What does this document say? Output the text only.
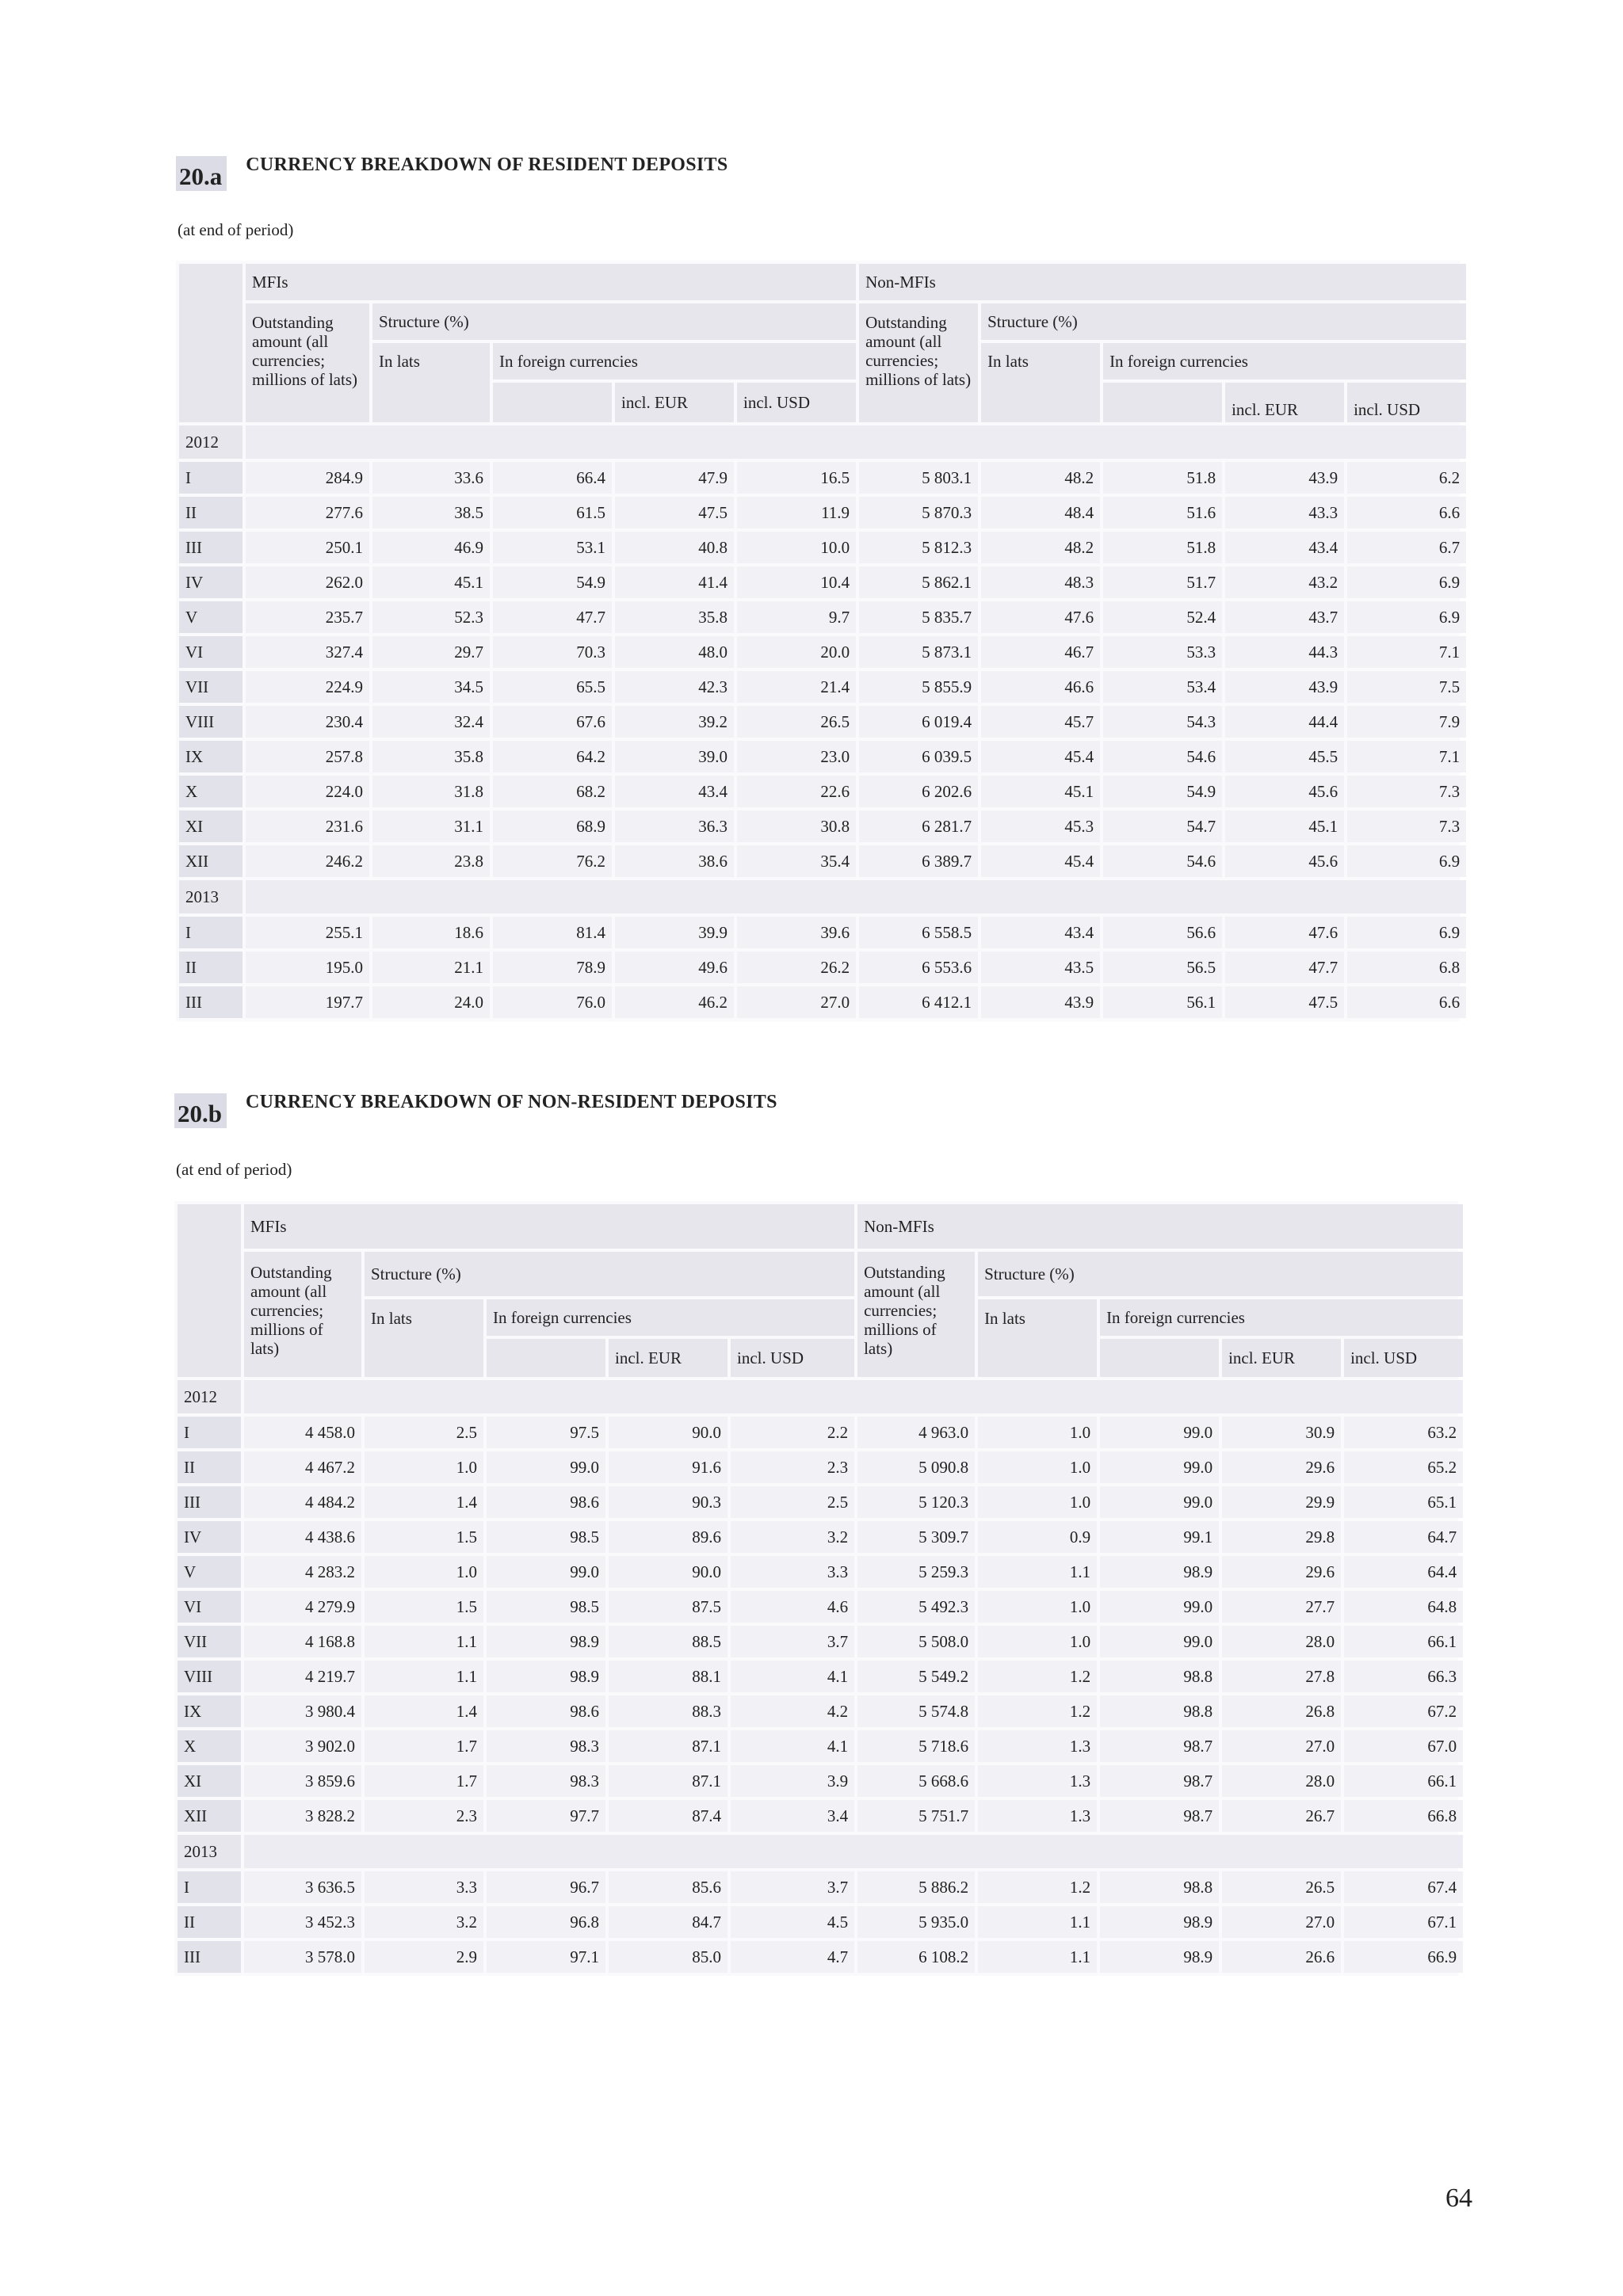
20.a CURRENCY BREAKDOWN OF RESIDENT DEPOSITS
(at end of period)
	MFIs					Non-MFIs				
	Outstanding amount (all currencies; millions of lats)	Structure (%)				Outstanding amount (all currencies; millions of lats)	Structure (%)			
		In lats	In foreign currencies				In lats	In foreign currencies		
				incl. EUR	incl. USD				incl. EUR	incl. USD
2012										
I	284.9	33.6	66.4	47.9	16.5	5 803.1	48.2	51.8	43.9	6.2
II	277.6	38.5	61.5	47.5	11.9	5 870.3	48.4	51.6	43.3	6.6
III	250.1	46.9	53.1	40.8	10.0	5 812.3	48.2	51.8	43.4	6.7
IV	262.0	45.1	54.9	41.4	10.4	5 862.1	48.3	51.7	43.2	6.9
V	235.7	52.3	47.7	35.8	9.7	5 835.7	47.6	52.4	43.7	6.9
VI	327.4	29.7	70.3	48.0	20.0	5 873.1	46.7	53.3	44.3	7.1
VII	224.9	34.5	65.5	42.3	21.4	5 855.9	46.6	53.4	43.9	7.5
VIII	230.4	32.4	67.6	39.2	26.5	6 019.4	45.7	54.3	44.4	7.9
IX	257.8	35.8	64.2	39.0	23.0	6 039.5	45.4	54.6	45.5	7.1
X	224.0	31.8	68.2	43.4	22.6	6 202.6	45.1	54.9	45.6	7.3
XI	231.6	31.1	68.9	36.3	30.8	6 281.7	45.3	54.7	45.1	7.3
XII	246.2	23.8	76.2	38.6	35.4	6 389.7	45.4	54.6	45.6	6.9
2013										
I	255.1	18.6	81.4	39.9	39.6	6 558.5	43.4	56.6	47.6	6.9
II	195.0	21.1	78.9	49.6	26.2	6 553.6	43.5	56.5	47.7	6.8
III	197.7	24.0	76.0	46.2	27.0	6 412.1	43.9	56.1	47.5	6.6
20.b CURRENCY BREAKDOWN OF NON-RESIDENT DEPOSITS
(at end of period)
	MFIs					Non-MFIs				
	Outstanding amount (all currencies; millions of lats)	Structure (%)				Outstanding amount (all currencies; millions of lats)	Structure (%)			
		In lats	In foreign currencies				In lats	In foreign currencies		
				incl. EUR	incl. USD				incl. EUR	incl. USD
2012										
I	4 458.0	2.5	97.5	90.0	2.2	4 963.0	1.0	99.0	30.9	63.2
II	4 467.2	1.0	99.0	91.6	2.3	5 090.8	1.0	99.0	29.6	65.2
III	4 484.2	1.4	98.6	90.3	2.5	5 120.3	1.0	99.0	29.9	65.1
IV	4 438.6	1.5	98.5	89.6	3.2	5 309.7	0.9	99.1	29.8	64.7
V	4 283.2	1.0	99.0	90.0	3.3	5 259.3	1.1	98.9	29.6	64.4
VI	4 279.9	1.5	98.5	87.5	4.6	5 492.3	1.0	99.0	27.7	64.8
VII	4 168.8	1.1	98.9	88.5	3.7	5 508.0	1.0	99.0	28.0	66.1
VIII	4 219.7	1.1	98.9	88.1	4.1	5 549.2	1.2	98.8	27.8	66.3
IX	3 980.4	1.4	98.6	88.3	4.2	5 574.8	1.2	98.8	26.8	67.2
X	3 902.0	1.7	98.3	87.1	4.1	5 718.6	1.3	98.7	27.0	67.0
XI	3 859.6	1.7	98.3	87.1	3.9	5 668.6	1.3	98.7	28.0	66.1
XII	3 828.2	2.3	97.7	87.4	3.4	5 751.7	1.3	98.7	26.7	66.8
2013										
I	3 636.5	3.3	96.7	85.6	3.7	5 886.2	1.2	98.8	26.5	67.4
II	3 452.3	3.2	96.8	84.7	4.5	5 935.0	1.1	98.9	27.0	67.1
III	3 578.0	2.9	97.1	85.0	4.7	6 108.2	1.1	98.9	26.6	66.9
64
